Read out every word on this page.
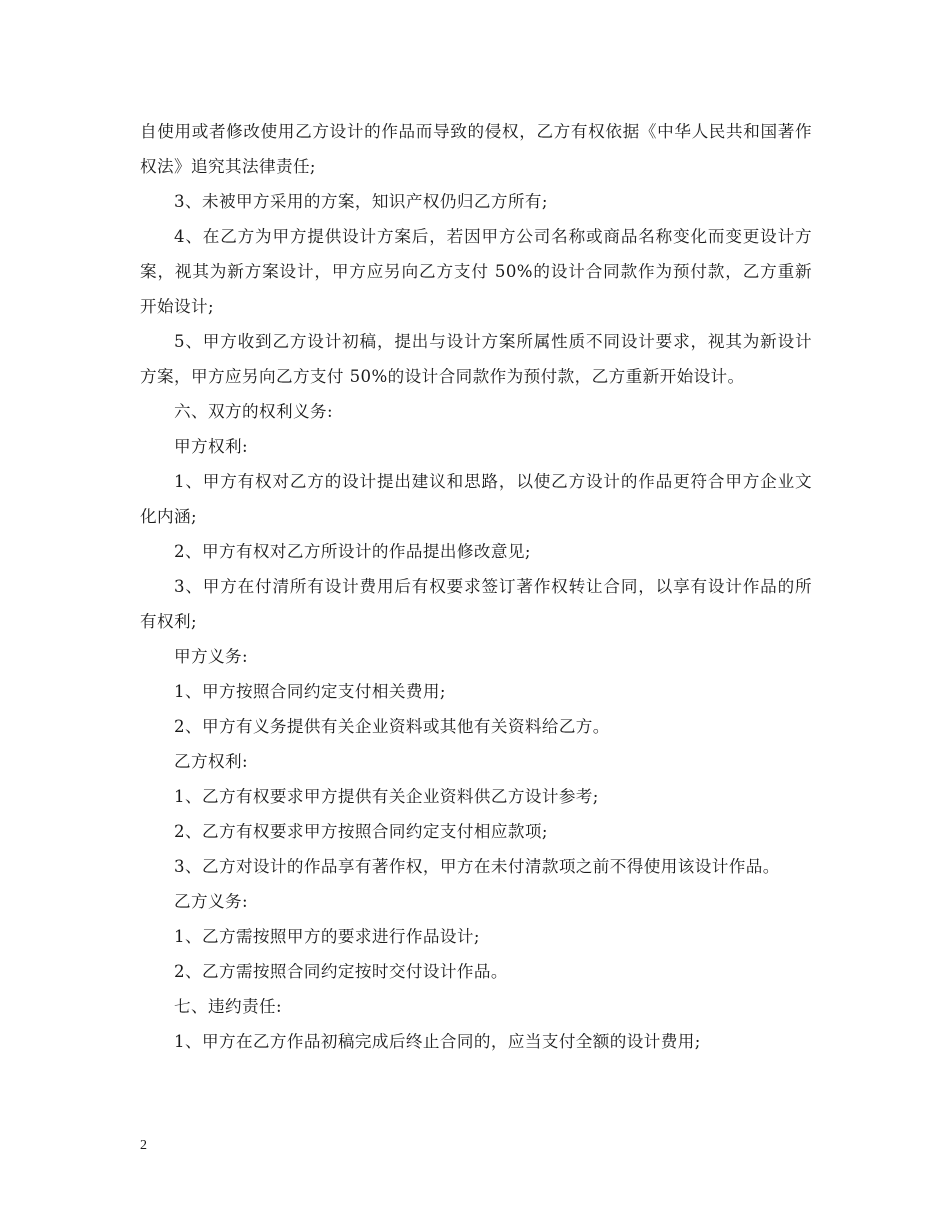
自使用或者修改使用乙方设计的作品而导致的侵权，乙方有权依据《中华人民共和国著作权法》追究其法律责任;

3、未被甲方采用的方案，知识产权仍归乙方所有;

4、在乙方为甲方提供设计方案后，若因甲方公司名称或商品名称变化而变更设计方案，视其为新方案设计，甲方应另向乙方支付 50%的设计合同款作为预付款，乙方重新开始设计;

5、甲方收到乙方设计初稿，提出与设计方案所属性质不同设计要求，视其为新设计方案，甲方应另向乙方支付 50%的设计合同款作为预付款，乙方重新开始设计。

六、双方的权利义务:

甲方权利:

1、甲方有权对乙方的设计提出建议和思路，以使乙方设计的作品更符合甲方企业文化内涵;

2、甲方有权对乙方所设计的作品提出修改意见;

3、甲方在付清所有设计费用后有权要求签订著作权转让合同，以享有设计作品的所有权利;

甲方义务:

1、甲方按照合同约定支付相关费用;

2、甲方有义务提供有关企业资料或其他有关资料给乙方。

乙方权利:

1、乙方有权要求甲方提供有关企业资料供乙方设计参考;

2、乙方有权要求甲方按照合同约定支付相应款项;

3、乙方对设计的作品享有著作权，甲方在未付清款项之前不得使用该设计作品。

乙方义务:

1、乙方需按照甲方的要求进行作品设计;

2、乙方需按照合同约定按时交付设计作品。

七、违约责任:

1、甲方在乙方作品初稿完成后终止合同的，应当支付全额的设计费用;

2
